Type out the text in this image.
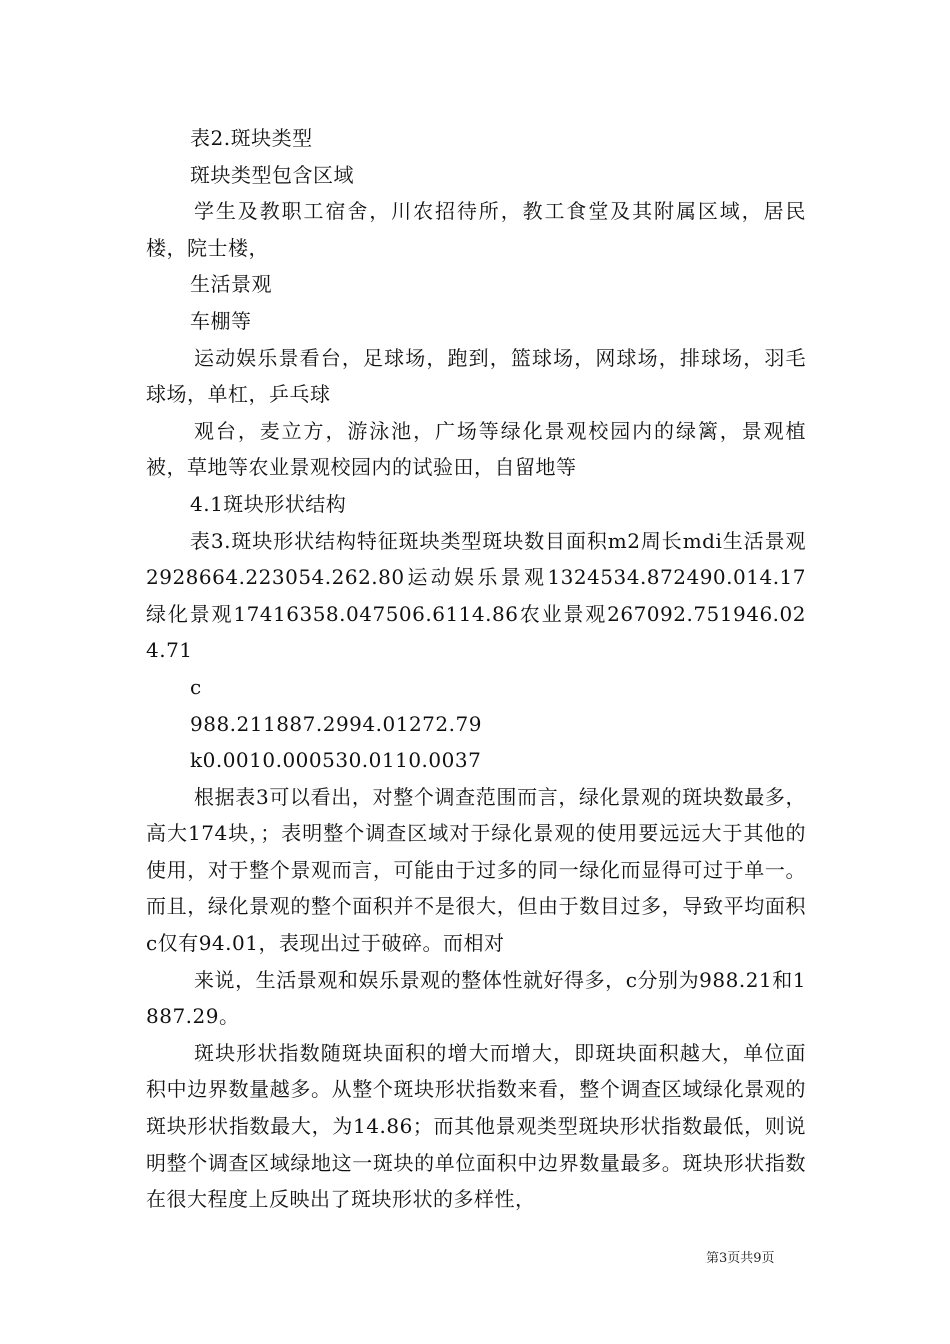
表2.斑块类型

斑块类型包含区域

学生及教职工宿舍，川农招待所，教工食堂及其附属区域，居民楼，院士楼，

生活景观

车棚等

运动娱乐景看台，足球场，跑到，篮球场，网球场，排球场，羽毛球场，单杠，乒乓球

观台，麦立方，游泳池，广场等绿化景观校园内的绿篱，景观植被，草地等农业景观校园内的试验田，自留地等

4.1斑块形状结构

表3.斑块形状结构特征斑块类型斑块数目面积m2周长mdi生活景观2928664.223054.262.80运动娱乐景观1324534.872490.014.17绿化景观17416358.047506.6114.86农业景观267092.751946.024.71

c

988.211887.2994.01272.79

k0.0010.000530.0110.0037

根据表3可以看出，对整个调查范围而言，绿化景观的斑块数最多，高大174块，；表明整个调查区域对于绿化景观的使用要远远大于其他的使用，对于整个景观而言，可能由于过多的同一绿化而显得可过于单一。而且，绿化景观的整个面积并不是很大，但由于数目过多，导致平均面积c仅有94.01，表现出过于破碎。而相对

来说，生活景观和娱乐景观的整体性就好得多，c分别为988.21和1887.29。

斑块形状指数随斑块面积的增大而增大，即斑块面积越大，单位面积中边界数量越多。从整个斑块形状指数来看，整个调查区域绿化景观的斑块形状指数最大，为14.86；而其他景观类型斑块形状指数最低，则说明整个调查区域绿地这一斑块的单位面积中边界数量最多。斑块形状指数在很大程度上反映出了斑块形状的多样性，

第3页共9页
